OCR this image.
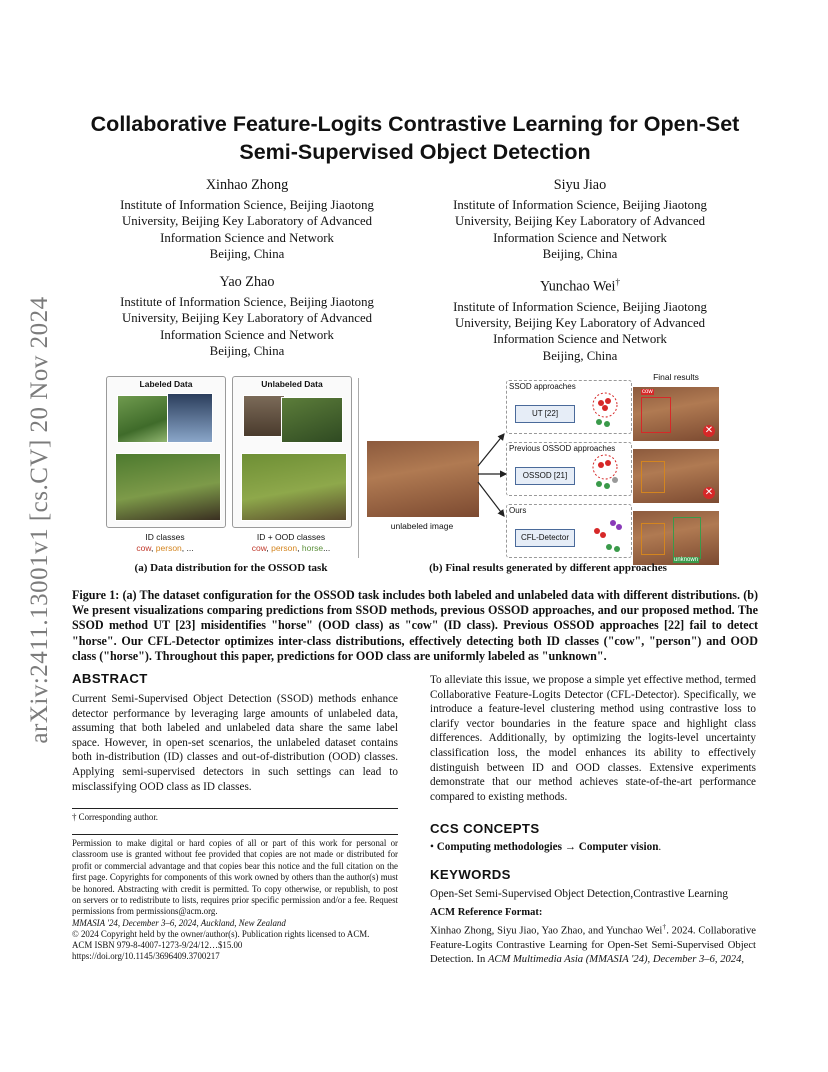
arXiv:2411.13001v1 [cs.CV] 20 Nov 2024
Collaborative Feature-Logits Contrastive Learning for Open-Set
Semi-Supervised Object Detection
Xinhao Zhong
Institute of Information Science, Beijing Jiaotong
University, Beijing Key Laboratory of Advanced
Information Science and Network
Beijing, China
Siyu Jiao
Institute of Information Science, Beijing Jiaotong
University, Beijing Key Laboratory of Advanced
Information Science and Network
Beijing, China
Yao Zhao
Institute of Information Science, Beijing Jiaotong
University, Beijing Key Laboratory of Advanced
Information Science and Network
Beijing, China
Yunchao Wei†
Institute of Information Science, Beijing Jiaotong
University, Beijing Key Laboratory of Advanced
Information Science and Network
Beijing, China
Labeled Data	Unlabeled Data
ID classes
cow, person, ...
ID + OOD classes
cow, person, horse...
(a) Data distribution for the OSSOD task
unlabeled image
SSOD approaches
UT [22]
Previous OSSOD approaches
OSSOD [21]
Ours
CFL-Detector
Final results
cow
✕
✕
unknown
(b) Final results generated by different approaches
Figure 1: (a) The dataset configuration for the OSSOD task includes both labeled and unlabeled data with different distributions. (b) We present visualizations comparing predictions from SSOD methods, previous OSSOD approaches, and our proposed method. The SSOD method UT [23] misidentifies "horse" (OOD class) as "cow" (ID class). Previous OSSOD approaches [22] fail to detect "horse". Our CFL-Detector optimizes inter-class distributions, effectively detecting both ID classes ("cow", "person") and OOD class ("horse"). Throughout this paper, predictions for OOD class are uniformly labeled as "unknown".
ABSTRACT
Current Semi-Supervised Object Detection (SSOD) methods enhance detector performance by leveraging large amounts of unlabeled data, assuming that both labeled and unlabeled data share the same label space. However, in open-set scenarios, the unlabeled dataset contains both in-distribution (ID) classes and out-of-distribution (OOD) classes. Applying semi-supervised detectors in such settings can lead to misclassifying OOD class as ID classes.
† Corresponding author.
Permission to make digital or hard copies of all or part of this work for personal or classroom use is granted without fee provided that copies are not made or distributed for profit or commercial advantage and that copies bear this notice and the full citation on the first page. Copyrights for components of this work owned by others than the author(s) must be honored. Abstracting with credit is permitted. To copy otherwise, or republish, to post on servers or to redistribute to lists, requires prior specific permission and/or a fee. Request permissions from permissions@acm.org.
MMASIA '24, December 3–6, 2024, Auckland, New Zealand
© 2024 Copyright held by the owner/author(s). Publication rights licensed to ACM.
ACM ISBN 979-8-4007-1273-9/24/12…$15.00
https://doi.org/10.1145/3696409.3700217
To alleviate this issue, we propose a simple yet effective method, termed Collaborative Feature-Logits Detector (CFL-Detector). Specifically, we introduce a feature-level clustering method using contrastive loss to clarify vector boundaries in the feature space and highlight class differences. Additionally, by optimizing the logits-level uncertainty classification loss, the model enhances its ability to effectively distinguish between ID and OOD classes. Extensive experiments demonstrate that our method achieves state-of-the-art performance compared to existing methods.
CCS CONCEPTS
• Computing methodologies → Computer vision.
KEYWORDS
Open-Set Semi-Supervised Object Detection,Contrastive Learning
ACM Reference Format:
Xinhao Zhong, Siyu Jiao, Yao Zhao, and Yunchao Wei†. 2024. Collaborative Feature-Logits Contrastive Learning for Open-Set Semi-Supervised Object Detection. In ACM Multimedia Asia (MMASIA '24), December 3–6, 2024,
